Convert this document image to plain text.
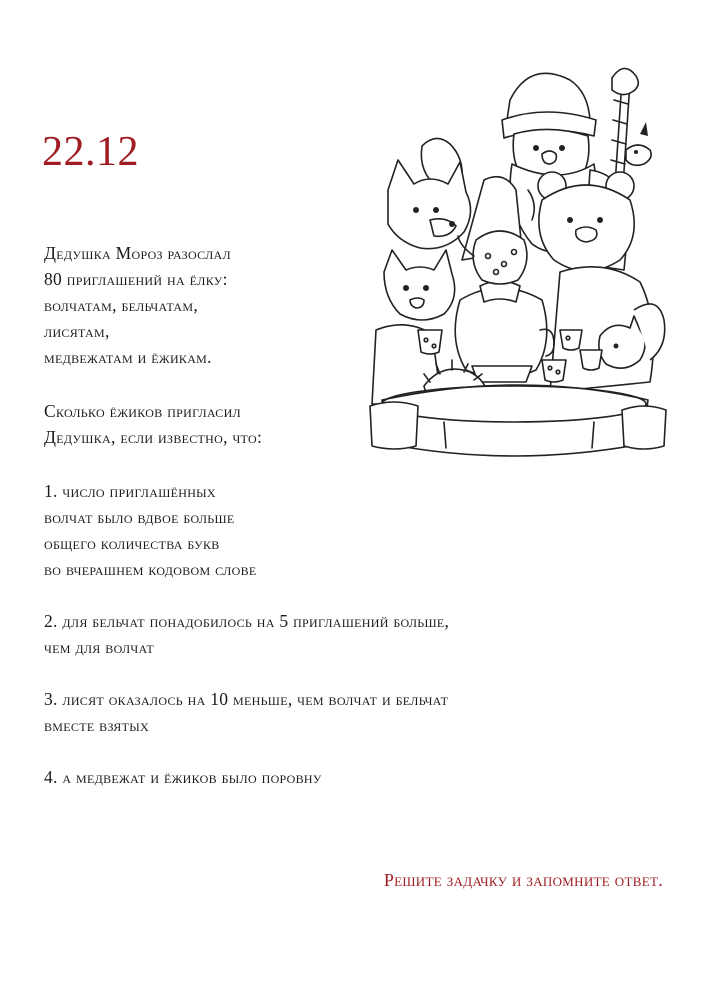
22.12
Дедушка Мороз разослал
80 приглашений на ёлку:
волчатам, бельчатам,
лисятам,
медвежатам и ёжикам.
Сколько ёжиков пригласил
Дедушка, если известно, что:
1. число приглашённых
волчат было вдвое больше
общего количества букв
во вчерашнем кодовом слове
2. для бельчат понадобилось на 5 приглашений больше,
чем для волчат
3. лисят оказалось на 10 меньше, чем волчат и бельчат
вместе взятых
4. а медвежат и ёжиков было поровну
Решите задачку и запомните ответ.
